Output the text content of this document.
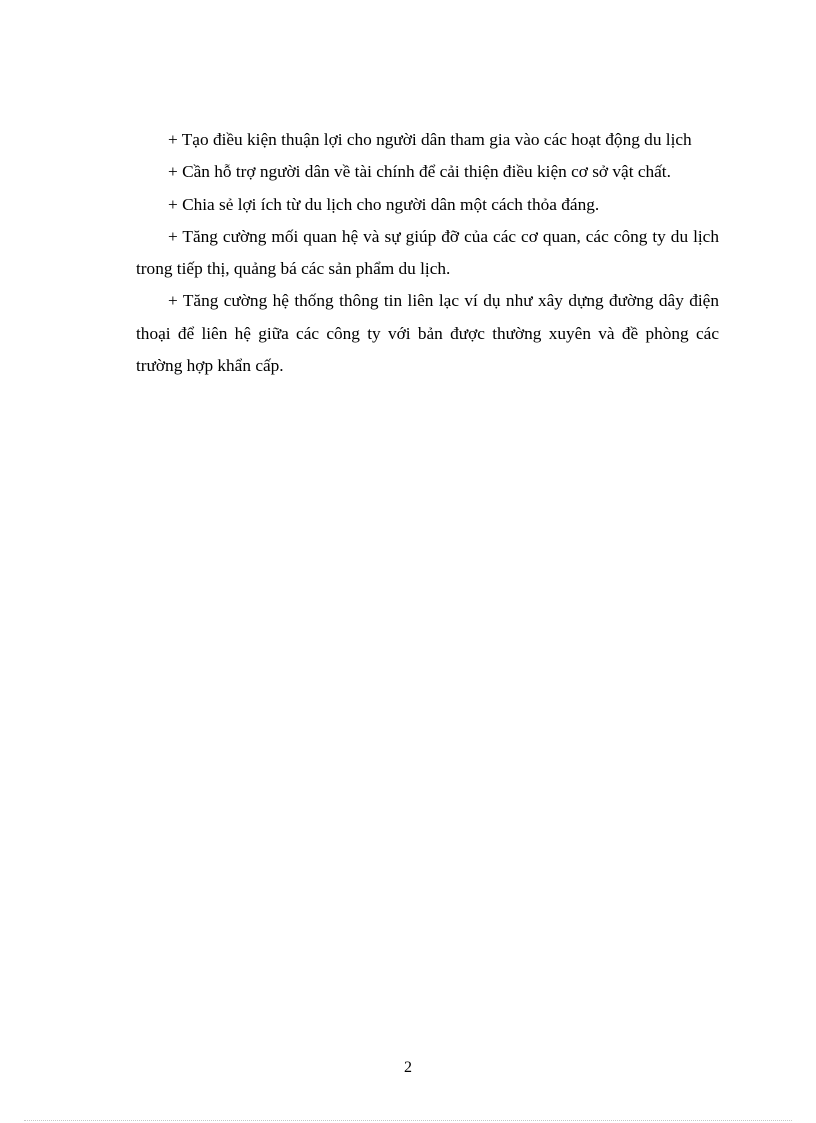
+ Tạo điều kiện thuận lợi cho người dân tham gia vào các hoạt động du lịch

+ Cần hỗ trợ người dân về tài chính để cải thiện điều kiện cơ sở vật chất.

+ Chia sẻ lợi ích từ du lịch cho người dân một cách thỏa đáng.

+ Tăng cường mối quan hệ và sự giúp đỡ của các cơ quan, các công ty du lịch trong tiếp thị, quảng bá các sản phẩm du lịch.

+ Tăng cường hệ thống thông tin liên lạc ví dụ như xây dựng đường dây điện thoại để liên hệ giữa các công ty với bản được thường xuyên và đề phòng các trường hợp khẩn cấp.

2
